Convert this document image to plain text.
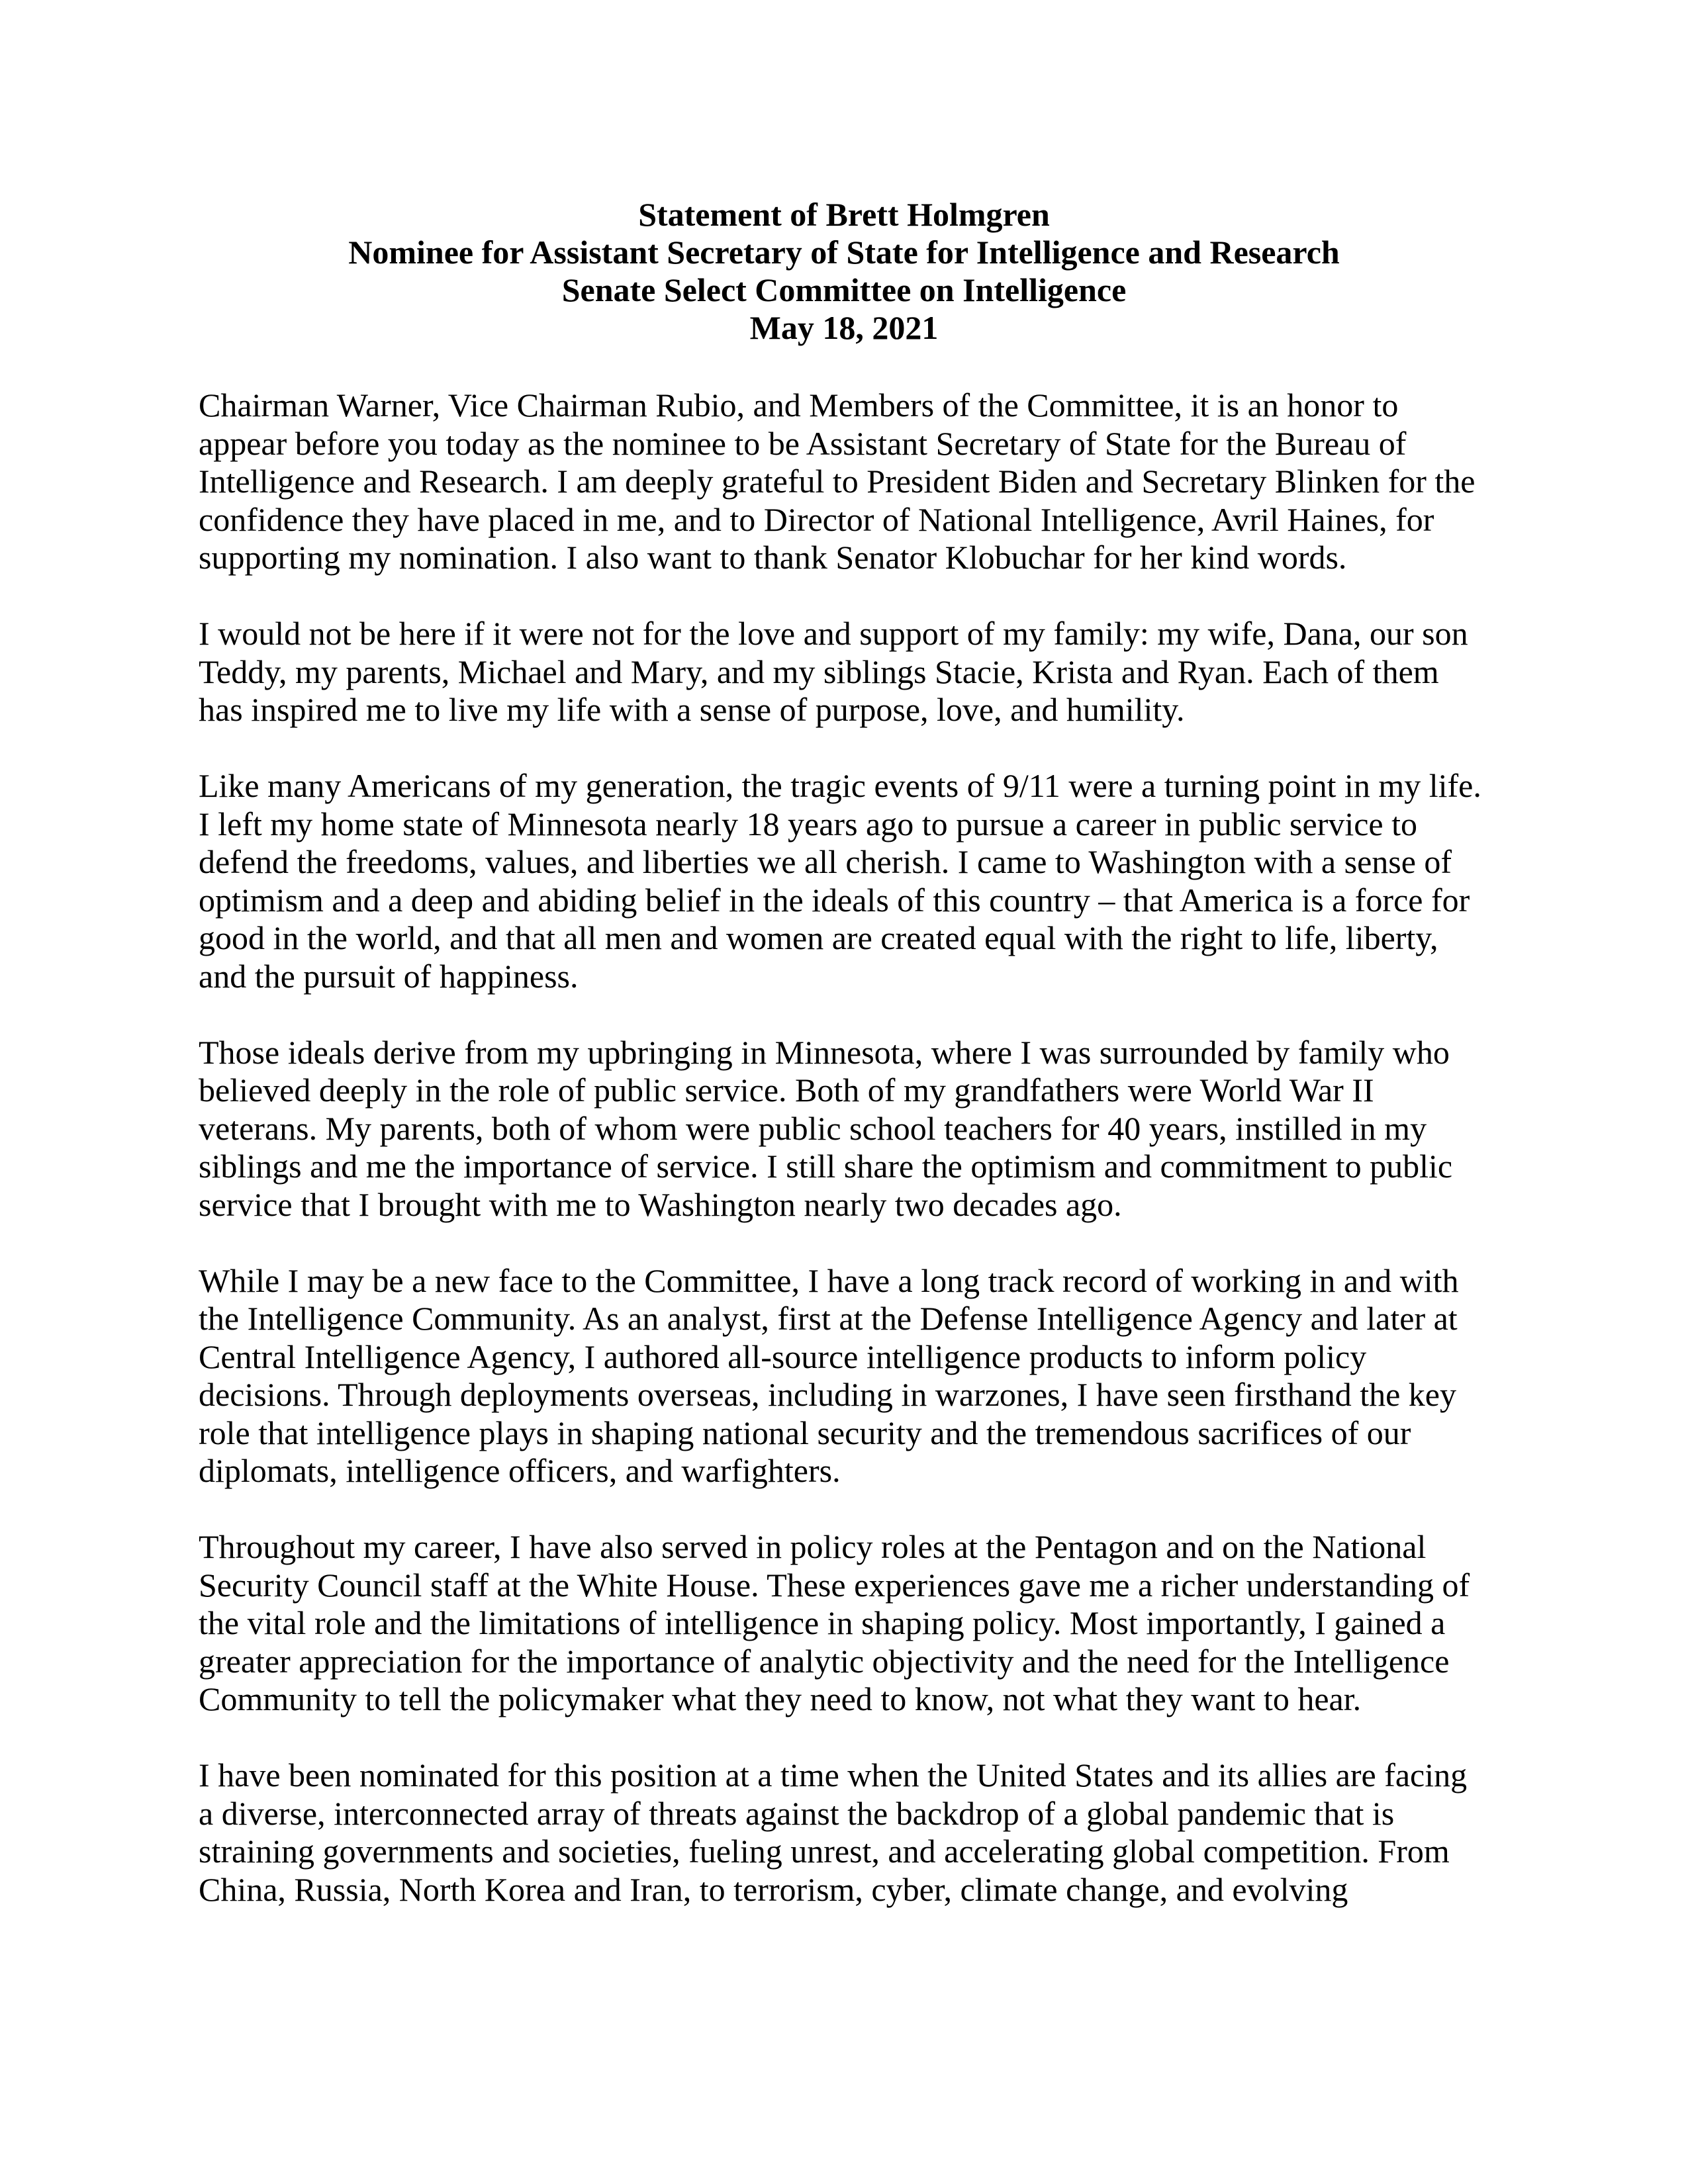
Statement of Brett Holmgren
Nominee for Assistant Secretary of State for Intelligence and Research
Senate Select Committee on Intelligence
May 18, 2021
Chairman Warner, Vice Chairman Rubio, and Members of the Committee, it is an honor to
appear before you today as the nominee to be Assistant Secretary of State for the Bureau of
Intelligence and Research. I am deeply grateful to President Biden and Secretary Blinken for the
confidence they have placed in me, and to Director of National Intelligence, Avril Haines, for
supporting my nomination. I also want to thank Senator Klobuchar for her kind words.
I would not be here if it were not for the love and support of my family: my wife, Dana, our son
Teddy, my parents, Michael and Mary, and my siblings Stacie, Krista and Ryan. Each of them
has inspired me to live my life with a sense of purpose, love, and humility.
Like many Americans of my generation, the tragic events of 9/11 were a turning point in my life.
I left my home state of Minnesota nearly 18 years ago to pursue a career in public service to
defend the freedoms, values, and liberties we all cherish. I came to Washington with a sense of
optimism and a deep and abiding belief in the ideals of this country – that America is a force for
good in the world, and that all men and women are created equal with the right to life, liberty,
and the pursuit of happiness.
Those ideals derive from my upbringing in Minnesota, where I was surrounded by family who
believed deeply in the role of public service. Both of my grandfathers were World War II
veterans. My parents, both of whom were public school teachers for 40 years, instilled in my
siblings and me the importance of service. I still share the optimism and commitment to public
service that I brought with me to Washington nearly two decades ago.
While I may be a new face to the Committee, I have a long track record of working in and with
the Intelligence Community. As an analyst, first at the Defense Intelligence Agency and later at
Central Intelligence Agency, I authored all-source intelligence products to inform policy
decisions. Through deployments overseas, including in warzones, I have seen firsthand the key
role that intelligence plays in shaping national security and the tremendous sacrifices of our
diplomats, intelligence officers, and warfighters.
Throughout my career, I have also served in policy roles at the Pentagon and on the National
Security Council staff at the White House. These experiences gave me a richer understanding of
the vital role and the limitations of intelligence in shaping policy. Most importantly, I gained a
greater appreciation for the importance of analytic objectivity and the need for the Intelligence
Community to tell the policymaker what they need to know, not what they want to hear.
I have been nominated for this position at a time when the United States and its allies are facing
a diverse, interconnected array of threats against the backdrop of a global pandemic that is
straining governments and societies, fueling unrest, and accelerating global competition. From
China, Russia, North Korea and Iran, to terrorism, cyber, climate change, and evolving
